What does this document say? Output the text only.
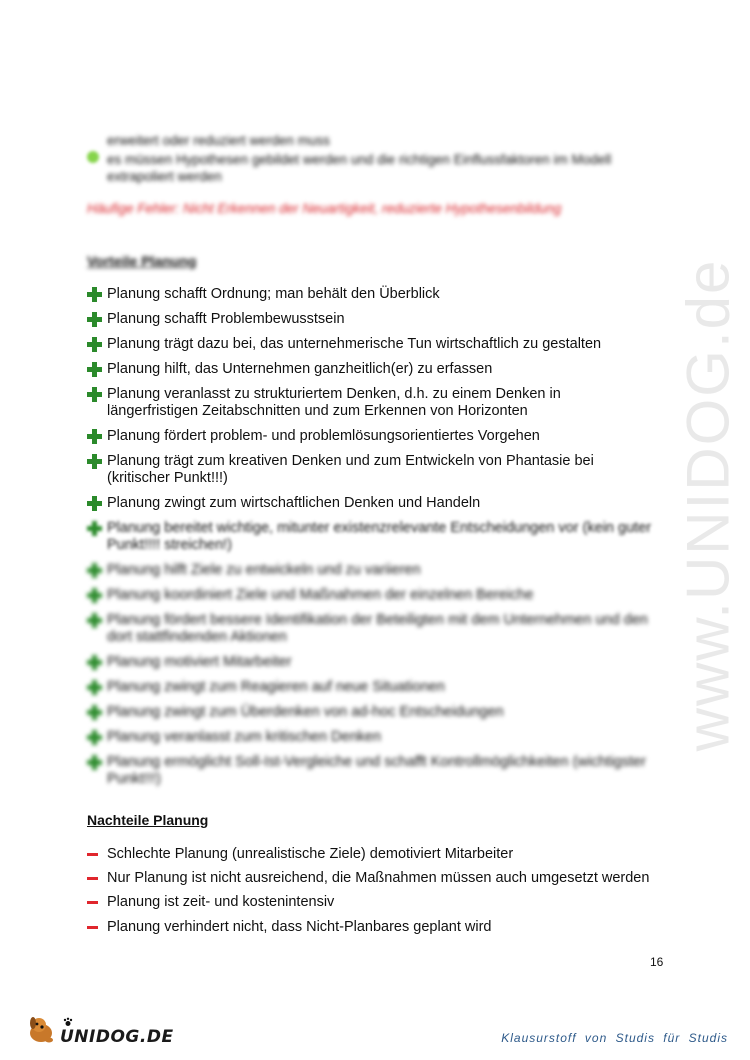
www.UNIDOG.de
erweitert oder reduziert werden muss
es müssen Hypothesen gebildet werden und die richtigen Einflussfaktoren im Modell
extrapoliert werden
Häufige Fehler: Nicht Erkennen der Neuartigkeit, reduzierte Hypothesenbildung
Vorteile Planung
Planung schafft Ordnung; man behält den Überblick
Planung schafft Problembewusstsein
Planung trägt dazu bei, das unternehmerische Tun wirtschaftlich zu gestalten
Planung hilft, das Unternehmen ganzheitlich(er) zu erfassen
Planung veranlasst zu strukturiertem Denken, d.h. zu einem Denken in
längerfristigen Zeitabschnitten und zum Erkennen von Horizonten
Planung fördert problem- und problemlösungsorientiertes Vorgehen
Planung trägt zum kreativen Denken und zum Entwickeln von Phantasie bei
(kritischer Punkt!!!)
Planung zwingt zum wirtschaftlichen Denken und Handeln
Planung bereitet wichtige, mitunter existenzrelevante Entscheidungen vor (kein guter
Punkt!!!! streichen!)
Planung hilft Ziele zu entwickeln und zu variieren
Planung koordiniert Ziele und Maßnahmen der einzelnen Bereiche
Planung fördert bessere Identifikation der Beteiligten mit dem Unternehmen und den
dort stattfindenden Aktionen
Planung motiviert Mitarbeiter
Planung zwingt zum Reagieren auf neue Situationen
Planung zwingt zum Überdenken von ad-hoc Entscheidungen
Planung veranlasst zum kritischen Denken
Planung ermöglicht Soll-Ist-Vergleiche und schafft Kontrollmöglichkeiten (wichtigster
Punkt!!!)
Nachteile Planung
Schlechte Planung (unrealistische Ziele) demotiviert Mitarbeiter
Nur Planung ist nicht ausreichend, die Maßnahmen müssen auch umgesetzt werden
Planung ist zeit- und kostenintensiv
Planung verhindert nicht, dass Nicht-Planbares geplant wird
16
UNIDOG.DE	Klausurstoff von Studis für Studis
